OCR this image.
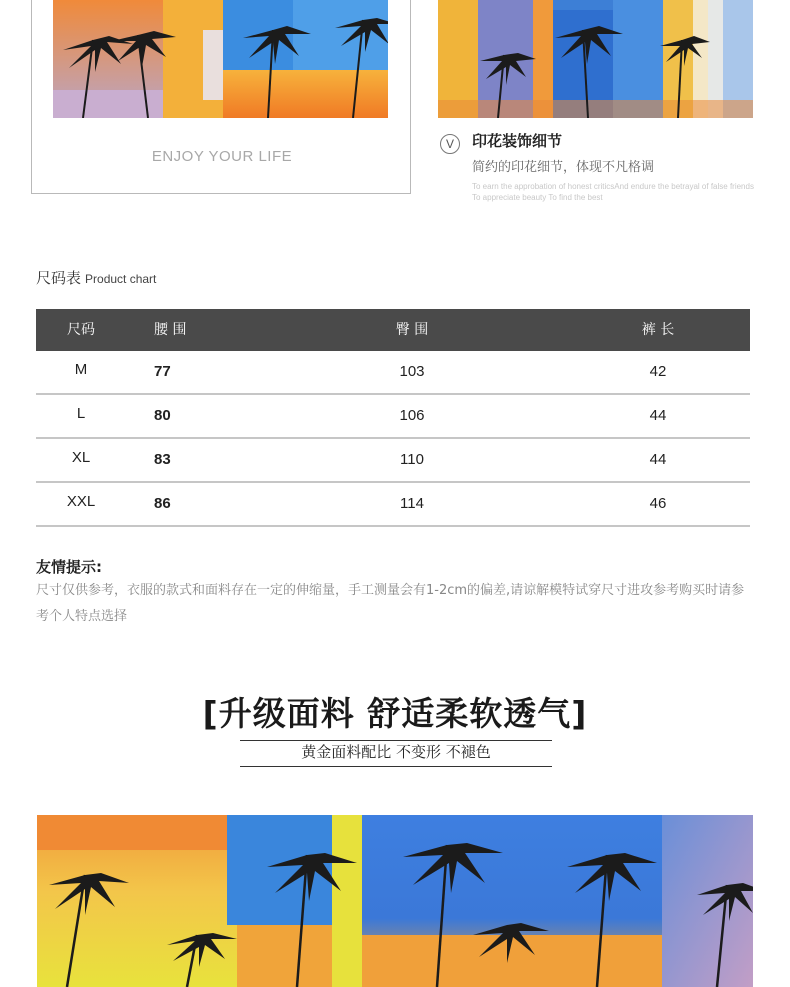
ENJOY YOUR LIFE
V	印花装饰细节
简约的印花细节，体现不凡格调
To earn the approbation of honest criticsAnd endure the betrayal of false friends To appreciate beauty To find the best
尺码表 Product chart
尺码	腰 围	臀 围	裤 长
M	77	103	42
L	80	106	44
XL	83	110	44
XXL	86	114	46
友情提示:
尺寸仅供参考，衣服的款式和面料存在一定的伸缩量，手工测量会有1-2cm的偏差,请谅解模特试穿尺寸进攻参考购买时请参考个人特点选择
[升级面料 舒适柔软透气]
黄金面料配比 不变形 不褪色
